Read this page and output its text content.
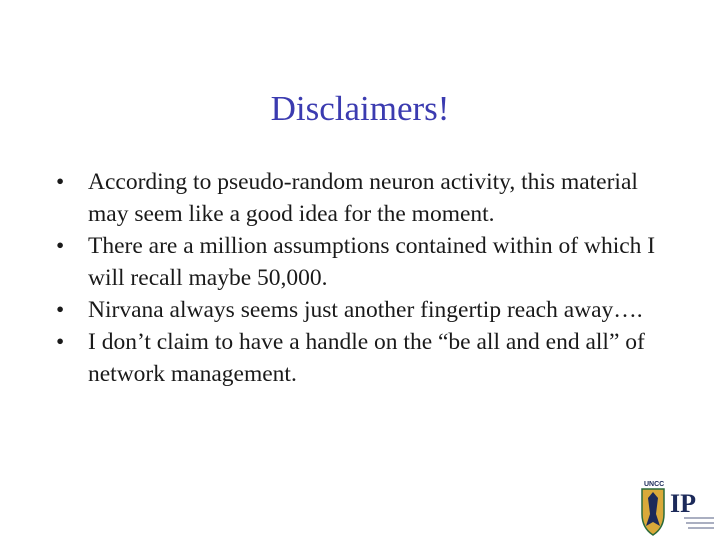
Disclaimers!
• According to pseudo-random neuron activity, this material may seem like a good idea for the moment.
• There are a million assumptions contained within of which I will recall maybe 50,000.
• Nirvana always seems just another fingertip reach away….
• I don’t claim to have a handle on the “be all and end all” of network management.
UNCC
IP
